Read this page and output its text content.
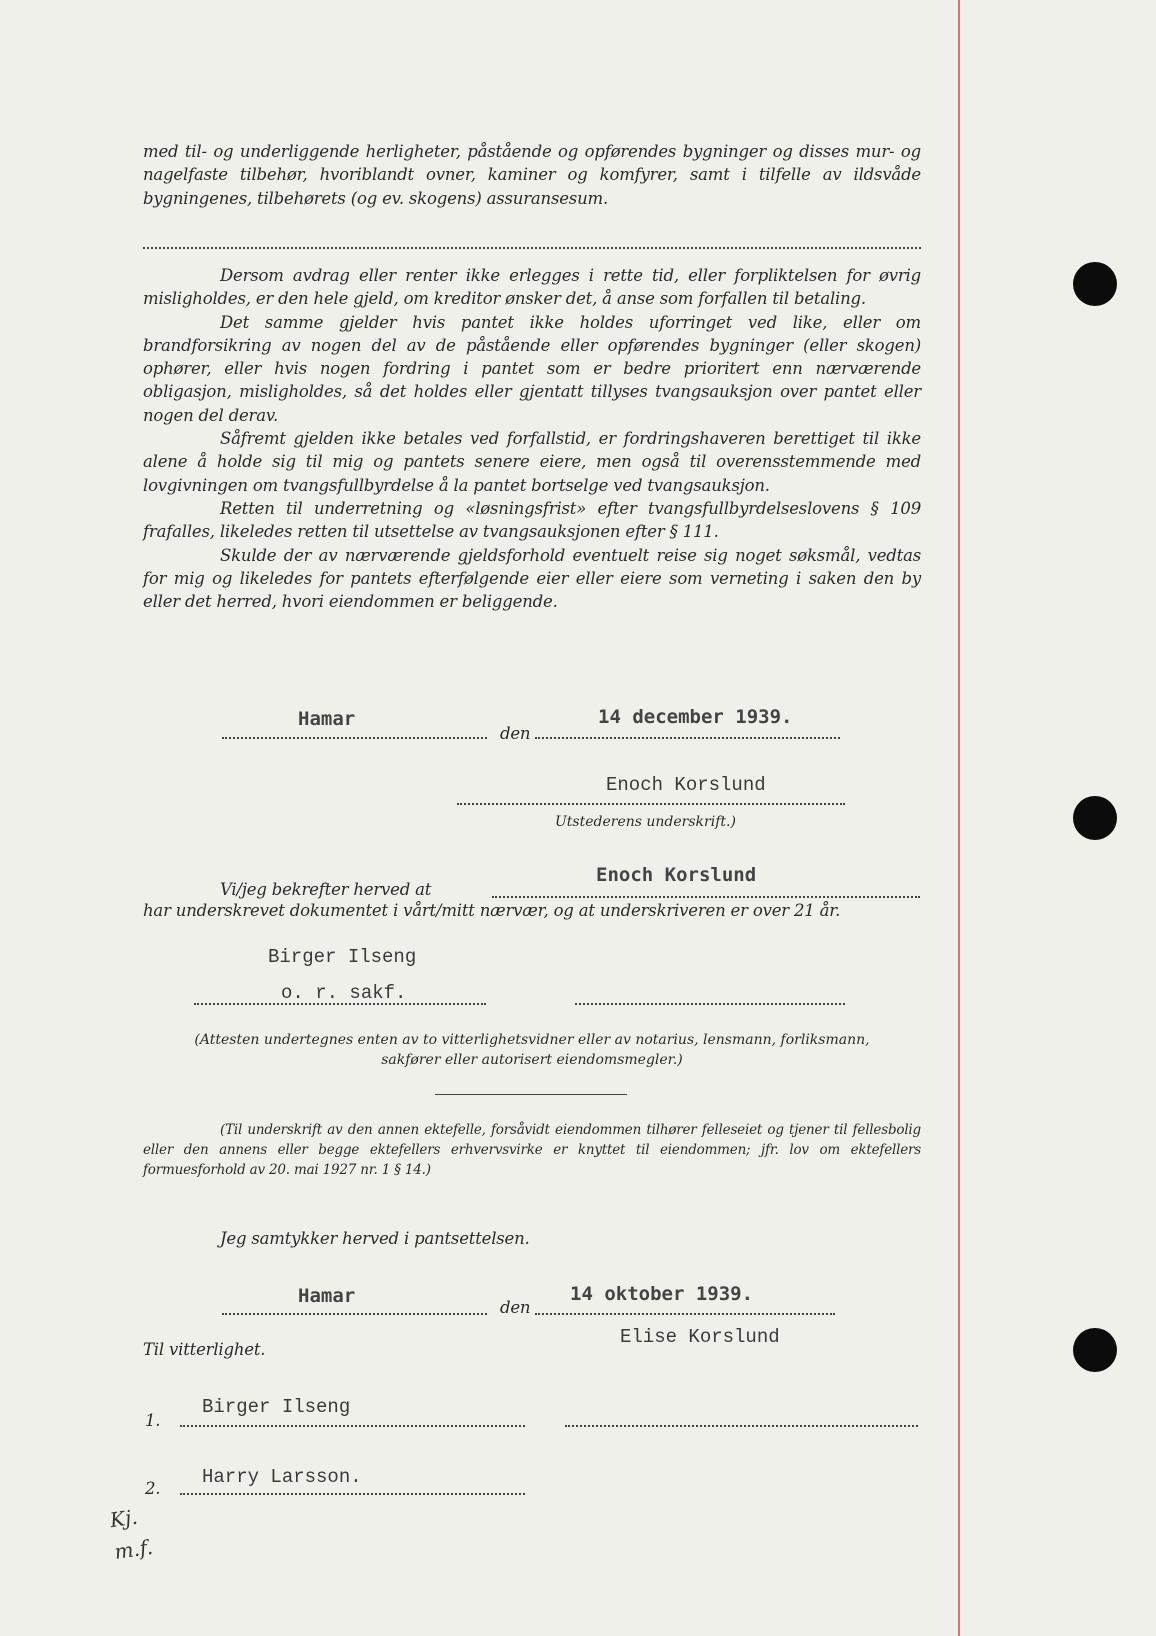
med til- og underliggende herligheter, påstående og opførendes bygninger og disses mur- og nagelfaste tilbehør, hvoriblandt ovner, kaminer og komfyrer, samt i tilfelle av ildsvåde bygningenes, tilbehørets (og ev. skogens) assuransesum.

Dersom avdrag eller renter ikke erlegges i rette tid, eller forpliktelsen for øvrig misligholdes, er den hele gjeld, om kreditor ønsker det, å anse som forfallen til betaling.

Det samme gjelder hvis pantet ikke holdes uforringet ved like, eller om brandforsikring av nogen del av de påstående eller opførendes bygninger (eller skogen) ophører, eller hvis nogen fordring i pantet som er bedre prioritert enn nærværende obligasjon, misligholdes, så det holdes eller gjentatt tillyses tvangsauksjon over pantet eller nogen del derav.

Såfremt gjelden ikke betales ved forfallstid, er fordringshaveren berettiget til ikke alene å holde sig til mig og pantets senere eiere, men også til overensstemmende med lovgivningen om tvangsfullbyrdelse å la pantet bortselge ved tvangsauksjon.

Retten til underretning og «løsningsfrist» efter tvangsfullbyrdelseslovens § 109 frafalles, likeledes retten til utsettelse av tvangsauksjonen efter § 111.

Skulde der av nærværende gjeldsforhold eventuelt reise sig noget søksmål, vedtas for mig og likeledes for pantets efterfølgende eier eller eiere som verneting i saken den by eller det herred, hvori eiendommen er beliggende.

Hamar
den
14 december 1939.
Enoch Korslund
Utstederens underskrift.)
Enoch Korslund
Vi/jeg bekrefter herved at

har underskrevet dokumentet i vårt/mitt nærvær, og at underskriveren er over 21 år.

Birger Ilseng
o. r. sakf.
(Attesten undertegnes enten av to vitterlighetsvidner eller av notarius, lensmann, forliksmann,
sakfører eller autorisert eiendomsmegler.)

(Til underskrift av den annen ektefelle, forsåvidt eiendommen tilhører felleseiet og tjener til fellesbolig eller den annens eller begge ektefellers erhvervsvirke er knyttet til eiendommen; jfr. lov om ektefellers formuesforhold av 20. mai 1927 nr. 1 § 14.)

Jeg samtykker herved i pantsettelsen.
Hamar
den
14 oktober 1939.
Elise Korslund
Til vitterlighet.
1.
Birger Ilseng
2.
Harry Larsson.
Kj. m.f.
